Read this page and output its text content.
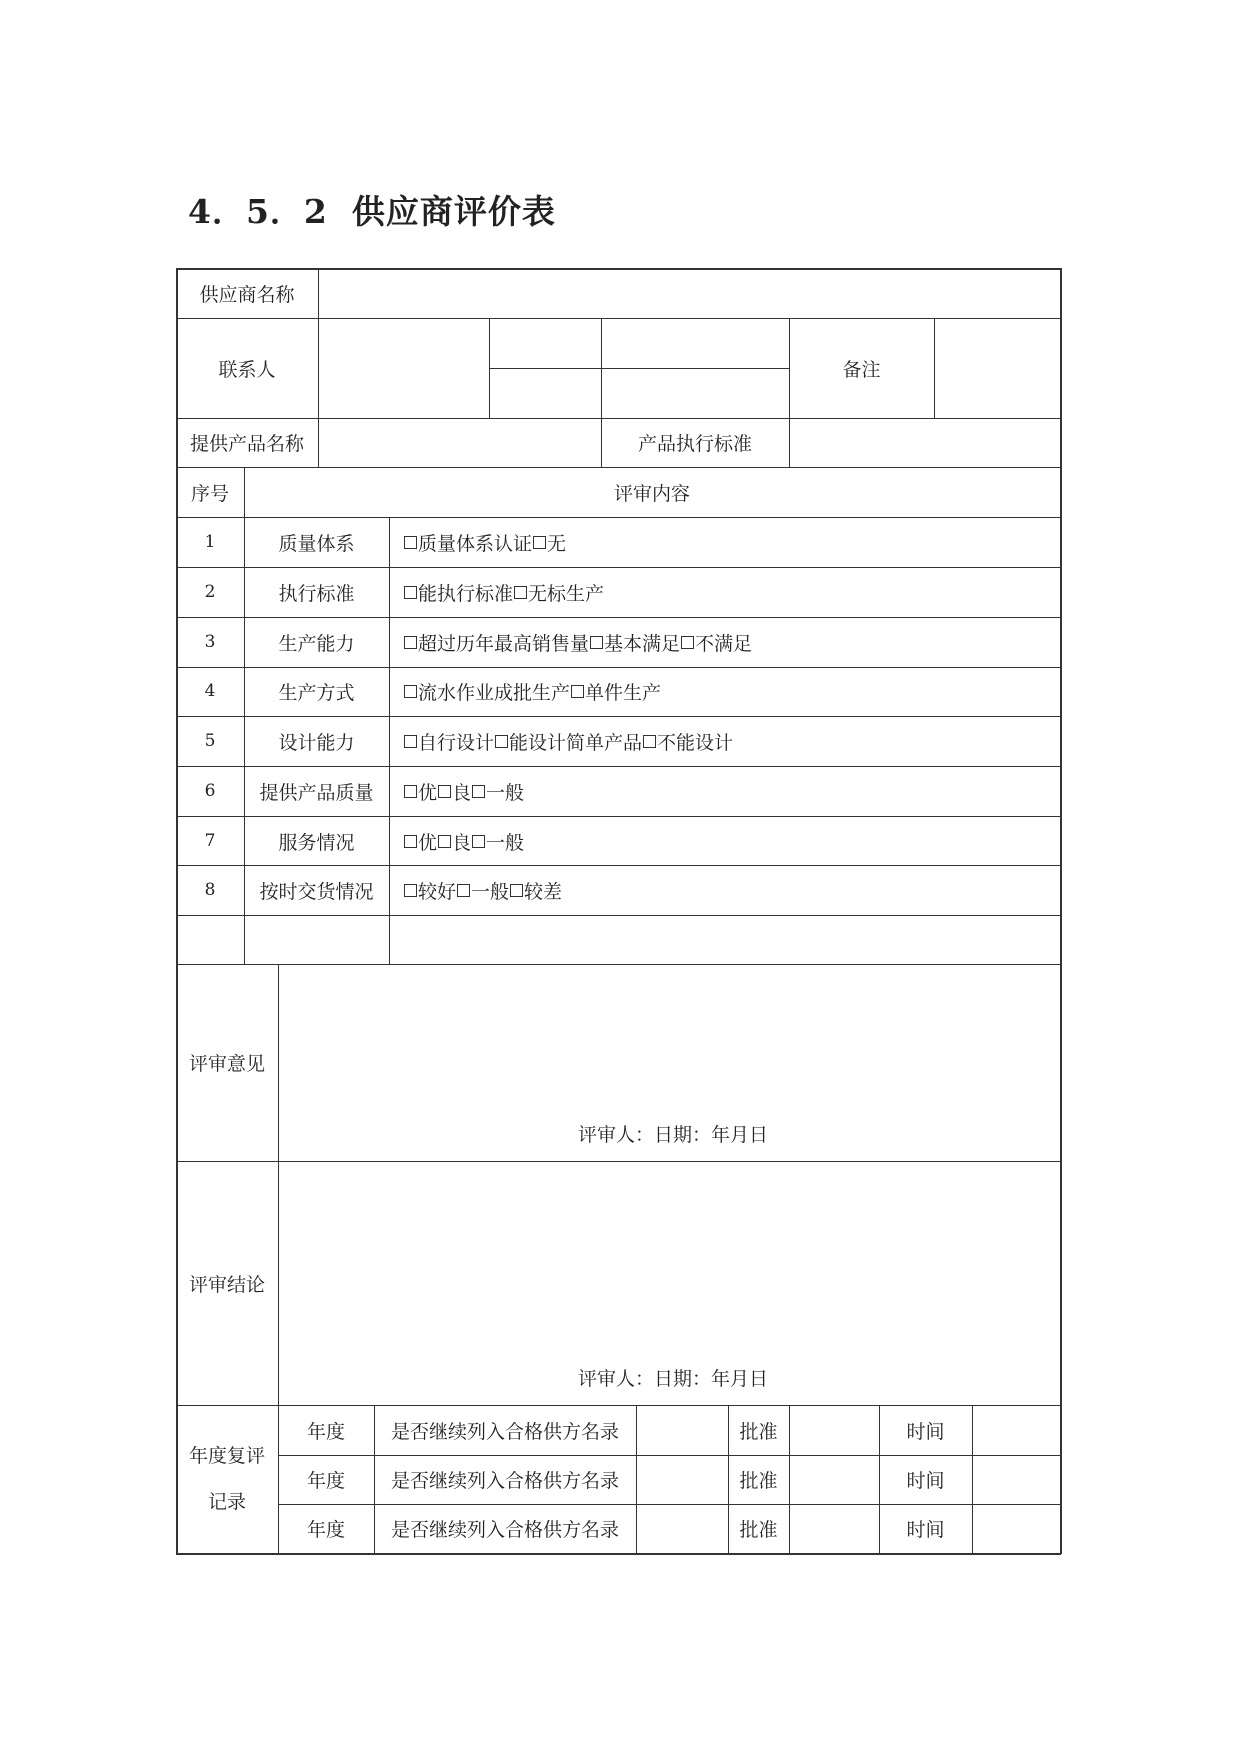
4．5．2 供应商评价表
供应商名称
联系人	备注
提供产品名称	产品执行标准
序号	评审内容
1	质量体系	质量体系认证 无
2	执行标准	能执行标准 无标生产
3	生产能力	超过历年最高销售量 基本满足 不满足
4	生产方式	流水作业成批生产 单件生产
5	设计能力	自行设计 能设计简单产品 不能设计
6	提供产品质量	优 良 一般
7	服务情况	优 良 一般
8	按时交货情况	较好 一般 较差
评审意见
评审人：日期：年月日
评审结论
评审人：日期：年月日
年度复评
记录
年度	是否继续列入合格供方名录	批准	时间
年度	是否继续列入合格供方名录	批准	时间
年度	是否继续列入合格供方名录	批准	时间
